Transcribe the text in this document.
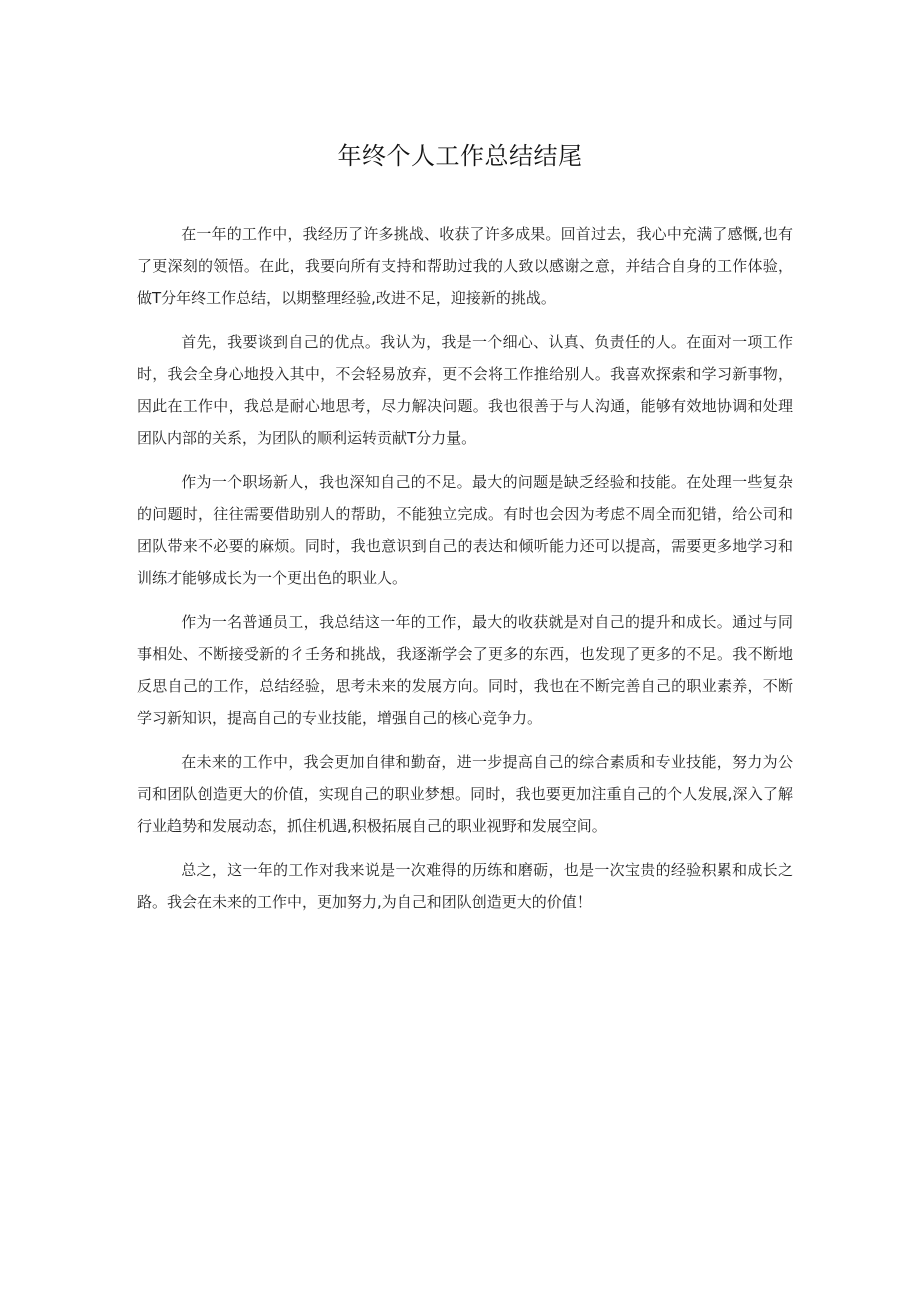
年终个人工作总结结尾

在一年的工作中，我经历了许多挑战、收获了许多成果。回首过去，我心中充满了感慨,也有了更深刻的领悟。在此，我要向所有支持和帮助过我的人致以感谢之意，并结合自身的工作体验，做T分年终工作总结，以期整理经验,改进不足，迎接新的挑战。

首先，我要谈到自己的优点。我认为，我是一个细心、认真、负责任的人。在面对一项工作时，我会全身心地投入其中，不会轻易放弃，更不会将工作推给别人。我喜欢探索和学习新事物，因此在工作中，我总是耐心地思考，尽力解决问题。我也很善于与人沟通，能够有效地协调和处理团队内部的关系，为团队的顺利运转贡献T分力量。

作为一个职场新人，我也深知自己的不足。最大的问题是缺乏经验和技能。在处理一些复杂的问题时，往往需要借助别人的帮助，不能独立完成。有时也会因为考虑不周全而犯错，给公司和团队带来不必要的麻烦。同时，我也意识到自己的表达和倾听能力还可以提高，需要更多地学习和训练才能够成长为一个更出色的职业人。

作为一名普通员工，我总结这一年的工作，最大的收获就是对自己的提升和成长。通过与同事相处、不断接受新的彳壬务和挑战，我逐渐学会了更多的东西，也发现了更多的不足。我不断地反思自己的工作，总结经验，思考未来的发展方向。同时，我也在不断完善自己的职业素养，不断学习新知识，提高自己的专业技能，增强自己的核心竞争力。

在未来的工作中，我会更加自律和勤奋，进一步提高自己的综合素质和专业技能，努力为公司和团队创造更大的价值，实现自己的职业梦想。同时，我也要更加注重自己的个人发展,深入了解行业趋势和发展动态，抓住机遇,积极拓展自己的职业视野和发展空间。

总之，这一年的工作对我来说是一次难得的历练和磨砺，也是一次宝贵的经验积累和成长之路。我会在未来的工作中，更加努力,为自己和团队创造更大的价值！
